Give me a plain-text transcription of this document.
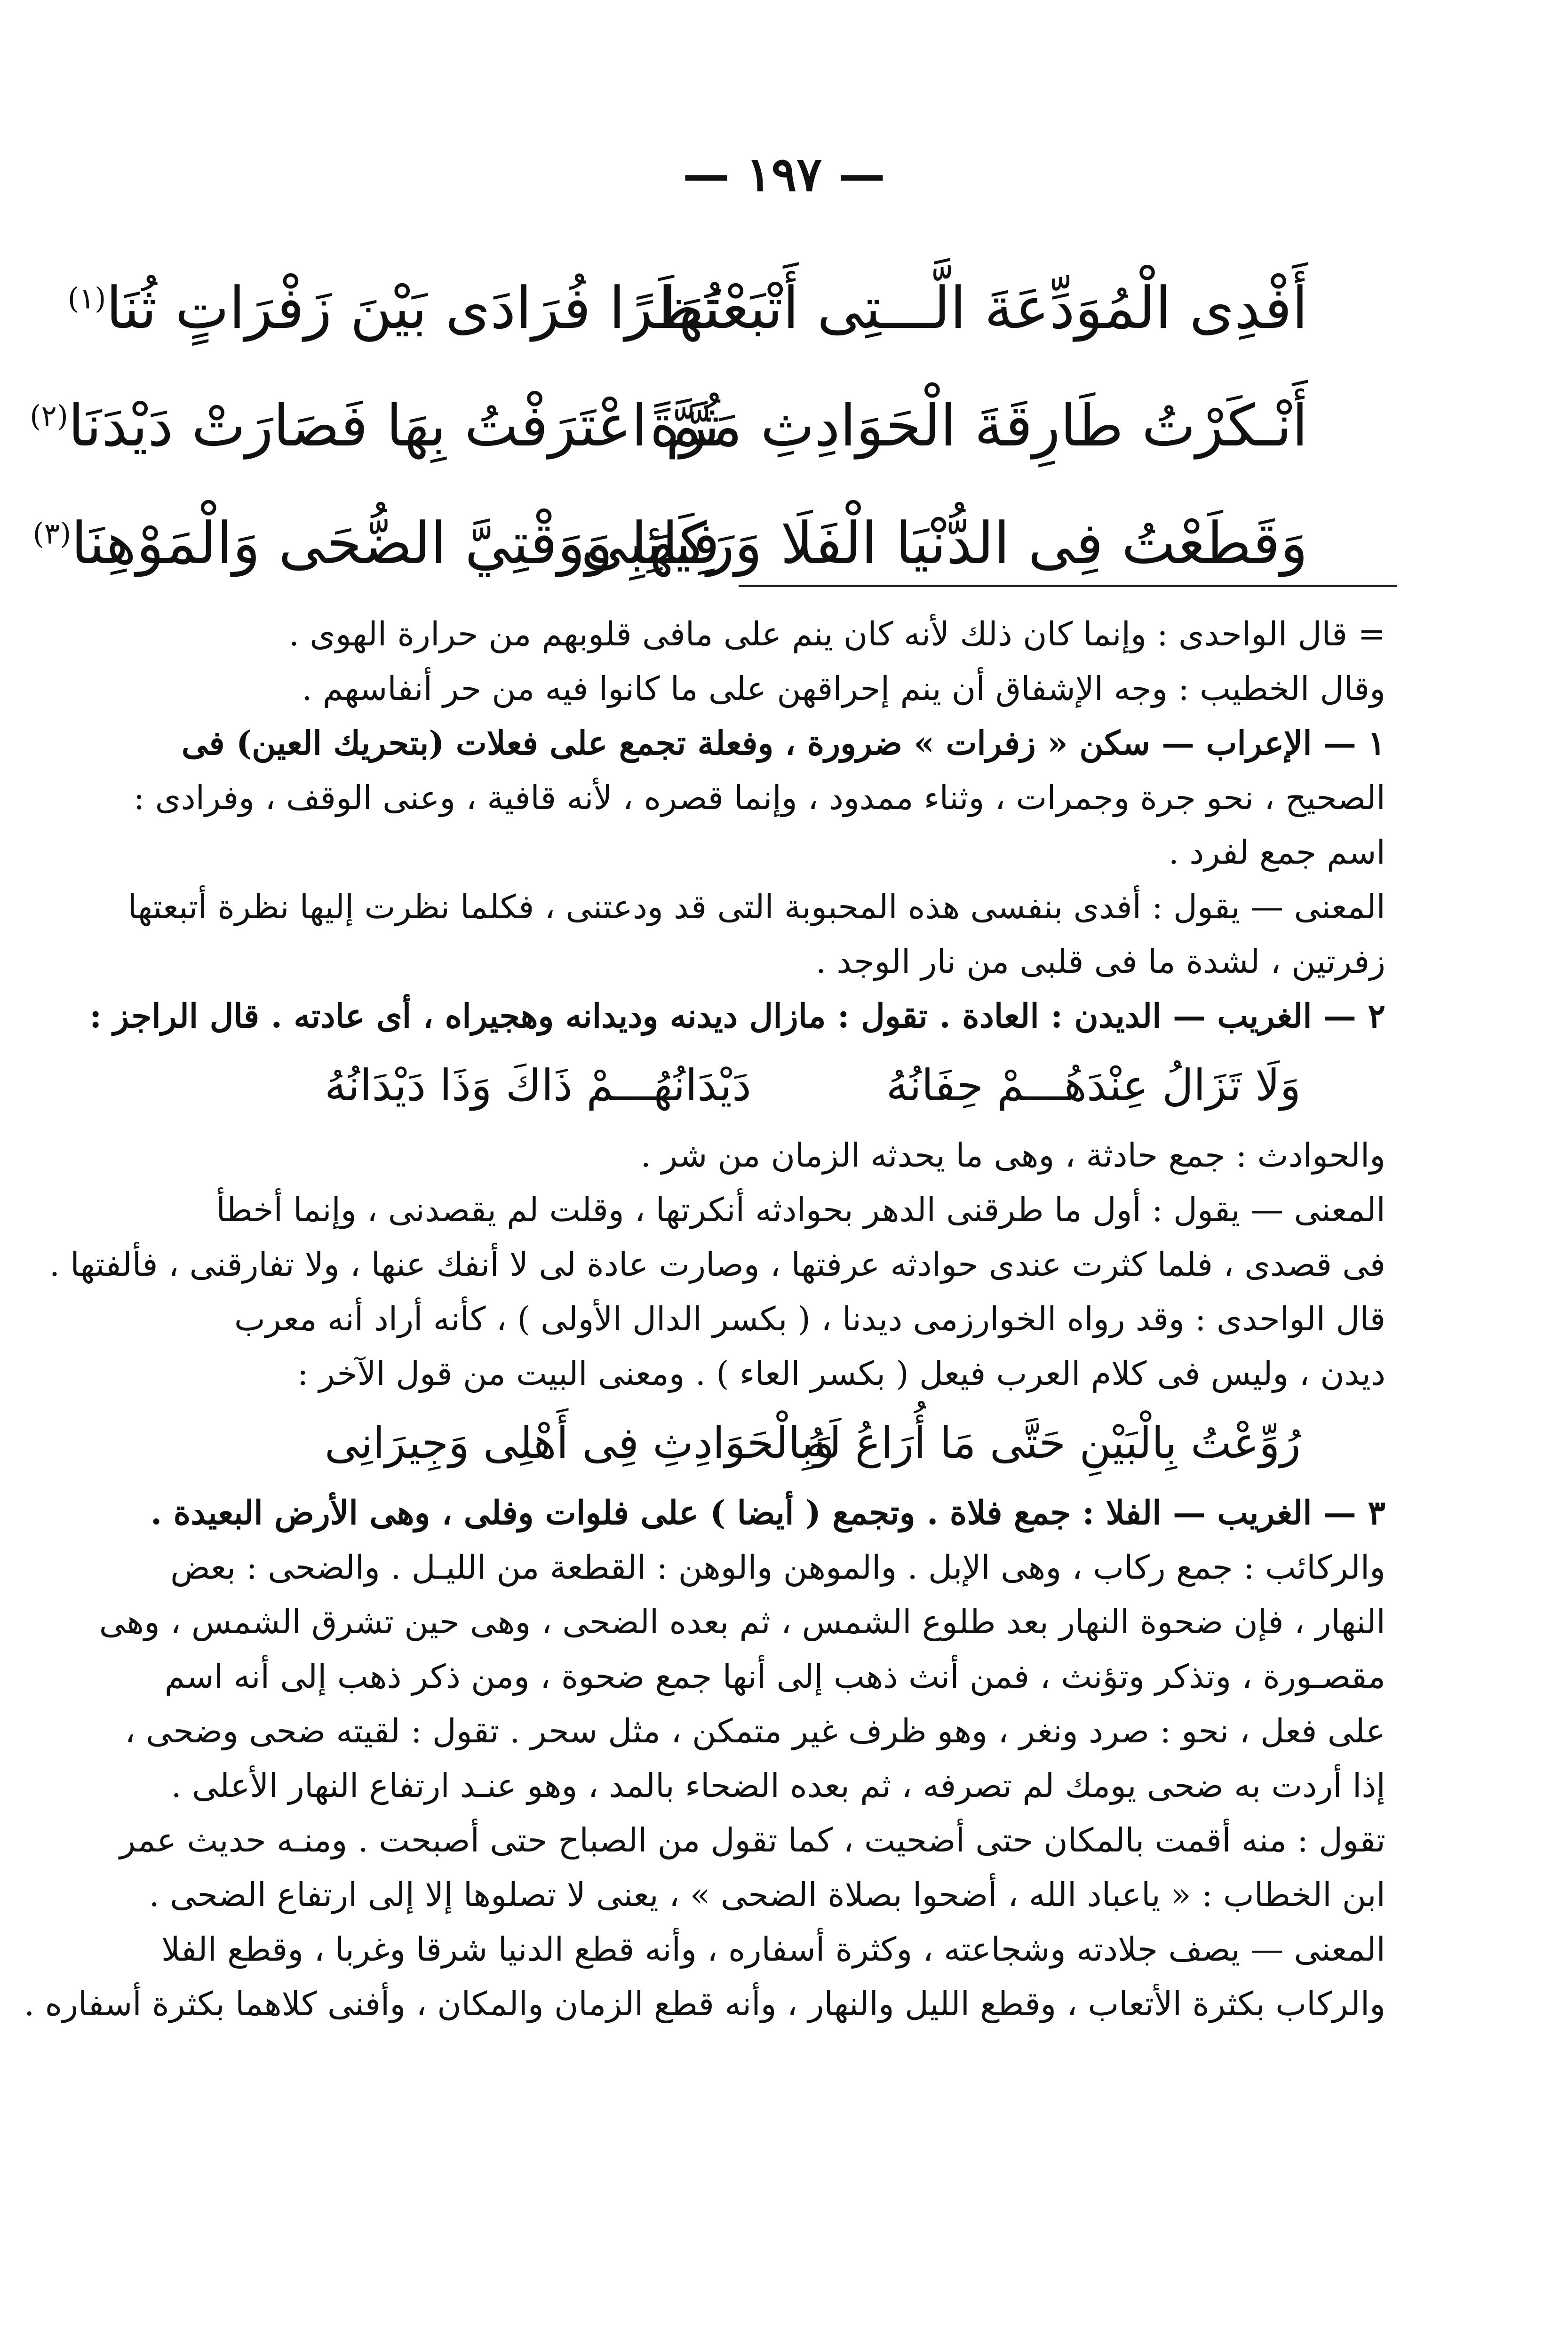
— ١٩٧ —
أَفْدِى الْمُوَدِّعَةَ الَّـــتِى أَتْبَعْتُهَا
نَظَرًا فُرَادَى بَيْنَ زَفْرَاتٍ ثُنَا$^{(١)}$
أَنْـكَرْتُ طَارِقَةَ الْحَوَادِثِ مَرَّةً
ثُمَّ اعْتَرَفْتُ بِهَا فَصَارَتْ دَيْدَنَا$^{(٢)}$
وَقَطَعْتُ فِى الدُّنْيَا الْفَلَا وَرَكَائِبِى
فِيهَا وَوَقْتِيَّ الضُّحَى وَالْمَوْهِنَا$^{(٣)}$
= قال الواحدى : وإنما كان ذلك لأنه كان ينم على مافى قلوبهم من حرارة الهوى .
وقال الخطيب : وجه الإشفاق أن ينم إحراقهن على ما كانوا فيه من حر أنفاسهم .
١ — الإعراب — سكن « زفرات » ضرورة ، وفعلة تجمع على فعلات (بتحريك العين) فى
الصحيح ، نحو جرة وجمرات ، وثناء ممدود ، وإنما قصره ، لأنه قافية ، وعنى الوقف ، وفرادى :
اسم جمع لفرد .
المعنى — يقول : أفدى بنفسى هذه المحبوبة التى قد ودعتنى ، فكلما نظرت إليها نظرة أتبعتها
زفرتين ، لشدة ما فى قلبى من نار الوجد .
٢ — الغريب — الديدن : العادة . تقول : مازال ديدنه وديدانه وهجيراه ، أى عادته . قال الراجز :
وَلَا تَزَالُ عِنْدَهُـــمْ حِفَانُهُ
دَيْدَانُهُـــمْ ذَاكَ وَذَا دَيْدَانُهُ
والحوادث : جمع حادثة ، وهى ما يحدثه الزمان من شر .
المعنى — يقول : أول ما طرقنى الدهر بحوادثه أنكرتها ، وقلت لم يقصدنى ، وإنما أخطأ
فى قصدى ، فلما كثرت عندى حوادثه عرفتها ، وصارت عادة لى لا أنفك عنها ، ولا تفارقنى ، فألفتها .
قال الواحدى : وقد رواه الخوارزمى ديدنا ، ( بكسر الدال الأولى ) ، كأنه أراد أنه معرب
ديدن ، وليس فى كلام العرب فيعل ( بكسر العاء ) . ومعنى البيت من قول الآخر :
رُوِّعْتُ بِالْبَيْنِ حَتَّى مَا أُرَاعُ لَهُ
وَبِالْحَوَادِثِ فِى أَهْلِى وَجِيرَانِى
٣ — الغريب — الفلا : جمع فلاة . وتجمع ( أيضا ) على فلوات وفلى ، وهى الأرض البعيدة .
والركائب : جمع ركاب ، وهى الإبل . والموهن والوهن : القطعة من الليـل . والضحى : بعض
النهار ، فإن ضحوة النهار بعد طلوع الشمس ، ثم بعده الضحى ، وهى حين تشرق الشمس ، وهى
مقصـورة ، وتذكر وتؤنث ، فمن أنث ذهب إلى أنها جمع ضحوة ، ومن ذكر ذهب إلى أنه اسم
على فعل ، نحو : صرد ونغر ، وهو ظرف غير متمكن ، مثل سحر . تقول : لقيته ضحى وضحى ،
إذا أردت به ضحى يومك لم تصرفه ، ثم بعده الضحاء بالمد ، وهو عنـد ارتفاع النهار الأعلى .
تقول : منه أقمت بالمكان حتى أضحيت ، كما تقول من الصباح حتى أصبحت . ومنـه حديث عمر
ابن الخطاب : « ياعباد الله ، أضحوا بصلاة الضحى » ، يعنى لا تصلوها إلا إلى ارتفاع الضحى .
المعنى — يصف جلادته وشجاعته ، وكثرة أسفاره ، وأنه قطع الدنيا شرقا وغربا ، وقطع الفلا
والركاب بكثرة الأتعاب ، وقطع الليل والنهار ، وأنه قطع الزمان والمكان ، وأفنى كلاهما بكثرة أسفاره .
